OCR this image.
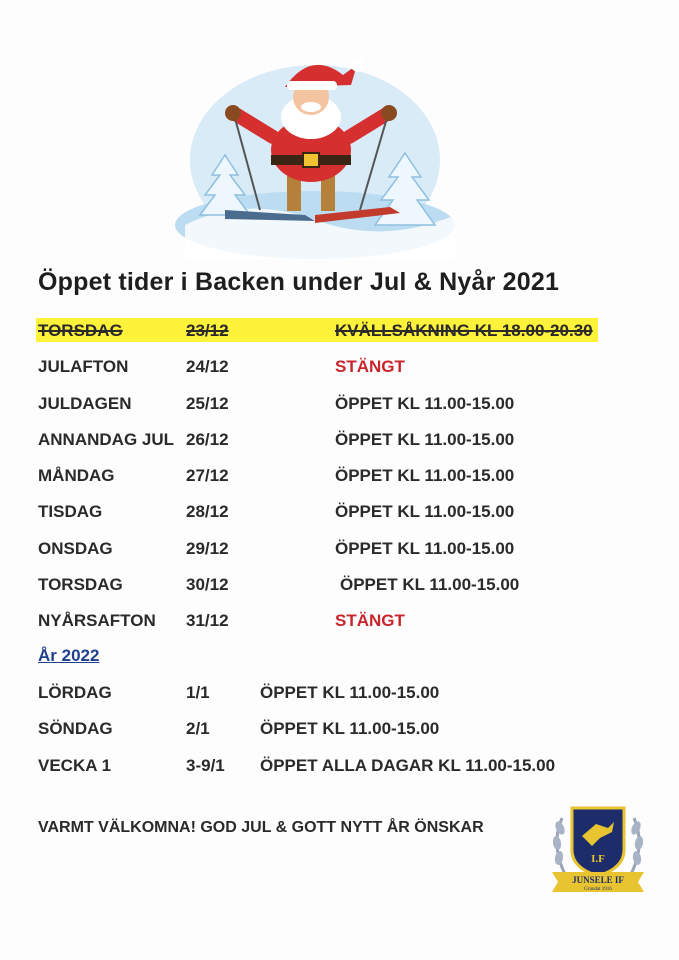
Öppet tider i Backen under Jul & Nyår 2021
TORSDAG	23/12	KVÄLLSÅKNING KL 18.00-20.30
JULAFTON	24/12	STÄNGT
JULDAGEN	25/12	ÖPPET KL 11.00-15.00
ANNANDAG JUL 26/12	ÖPPET KL 11.00-15.00
MÅNDAG	27/12	ÖPPET KL 11.00-15.00
TISDAG	28/12	ÖPPET KL 11.00-15.00
ONSDAG	29/12	ÖPPET KL 11.00-15.00
TORSDAG	30/12	ÖPPET KL 11.00-15.00
NYÅRSAFTON 31/12	STÄNGT
År 2022
LÖRDAG	1/1	ÖPPET KL 11.00-15.00
SÖNDAG	2/1	ÖPPET KL 11.00-15.00
VECKA 1	3-9/1 ÖPPET ALLA DAGAR KL 11.00-15.00
VARMT VÄLKOMNA! GOD JUL & GOTT NYTT ÅR ÖNSKAR
I.F
JUNSELE IF
Grundat 1916
